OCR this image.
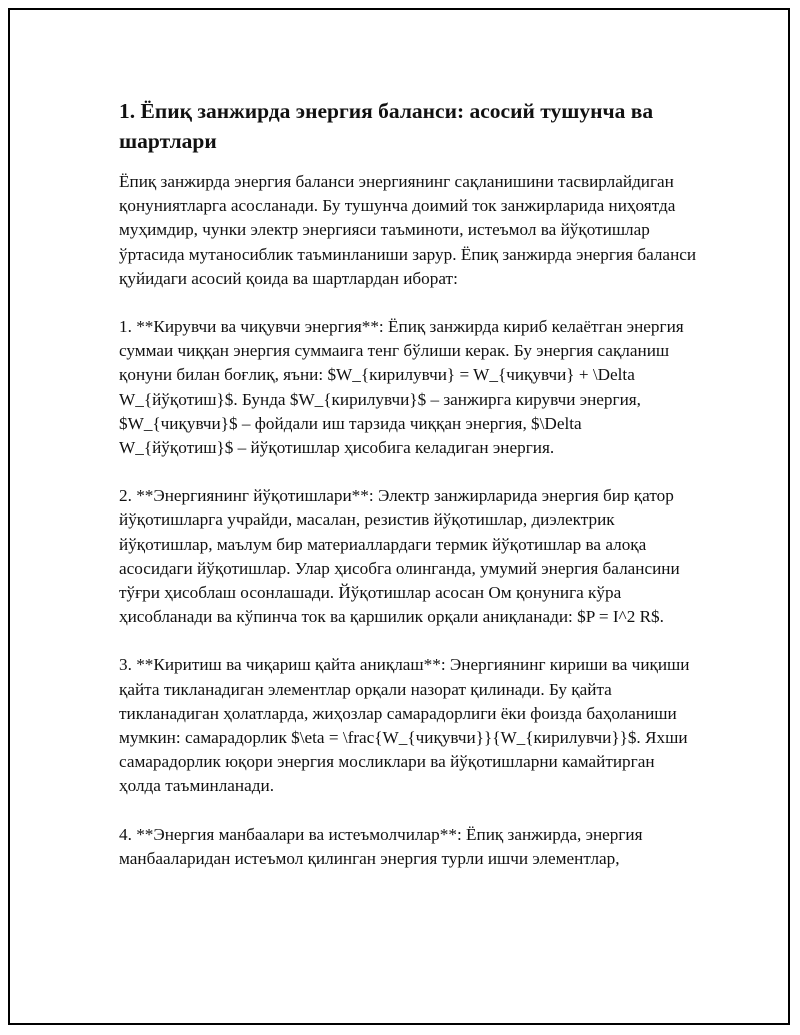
1. Ёпиқ занжирда энергия баланси: асосий тушунча ва шартлари

Ёпиқ занжирда энергия баланси энергиянинг сақланишини тасвирлайдиган қонуниятларга асосланади. Бу тушунча доимий ток занжирларида ниҳоятда муҳимдир, чунки электр энергияси таъминоти, истеъмол ва йўқотишлар ўртасида мутаносиблик таъминланиши зарур. Ёпиқ занжирда энергия баланси қуйидаги асосий қоида ва шартлардан иборат:

1. **Кирувчи ва чиқувчи энергия**: Ёпиқ занжирда кириб келаётган энергия суммаи чиққан энергия суммаига тенг бўлиши керак. Бу энергия сақланиш қонуни билан боғлиқ, яъни: $W_{кирилувчи} = W_{чиқувчи} + \Delta W_{йўқотиш}$. Бунда $W_{кирилувчи}$ – занжирга кирувчи энергия, $W_{чиқувчи}$ – фойдали иш тарзида чиққан энергия, $\Delta W_{йўқотиш}$ – йўқотишлар ҳисобига келадиган энергия.

2. **Энергиянинг йўқотишлари**: Электр занжирларида энергия бир қатор йўқотишларга учрайди, масалан, резистив йўқотишлар, диэлектрик йўқотишлар, маълум бир материаллардаги термик йўқотишлар ва алоқа асосидаги йўқотишлар. Улар ҳисобга олинганда, умумий энергия балансини тўғри ҳисоблаш осонлашади. Йўқотишлар асосан Ом қонунига кўра ҳисобланади ва кўпинча ток ва қаршилик орқали аниқланади: $P = I^2 R$.

3. **Киритиш ва чиқариш қайта аниқлаш**: Энергиянинг кириши ва чиқиши қайта тикланадиган элементлар орқали назорат қилинади. Бу қайта тикланадиган ҳолатларда, жиҳозлар самарадорлиги ёки фоизда баҳоланиши мумкин: самарадорлик $\eta = \frac{W_{чиқувчи}}{W_{кирилувчи}}$. Яхши самарадорлик юқори энергия мосликлари ва йўқотишларни камайтирган ҳолда таъминланади.

4. **Энергия манбаалари ва истеъмолчилар**: Ёпиқ занжирда, энергия манбааларидан истеъмол қилинган энергия турли ишчи элементлар,
